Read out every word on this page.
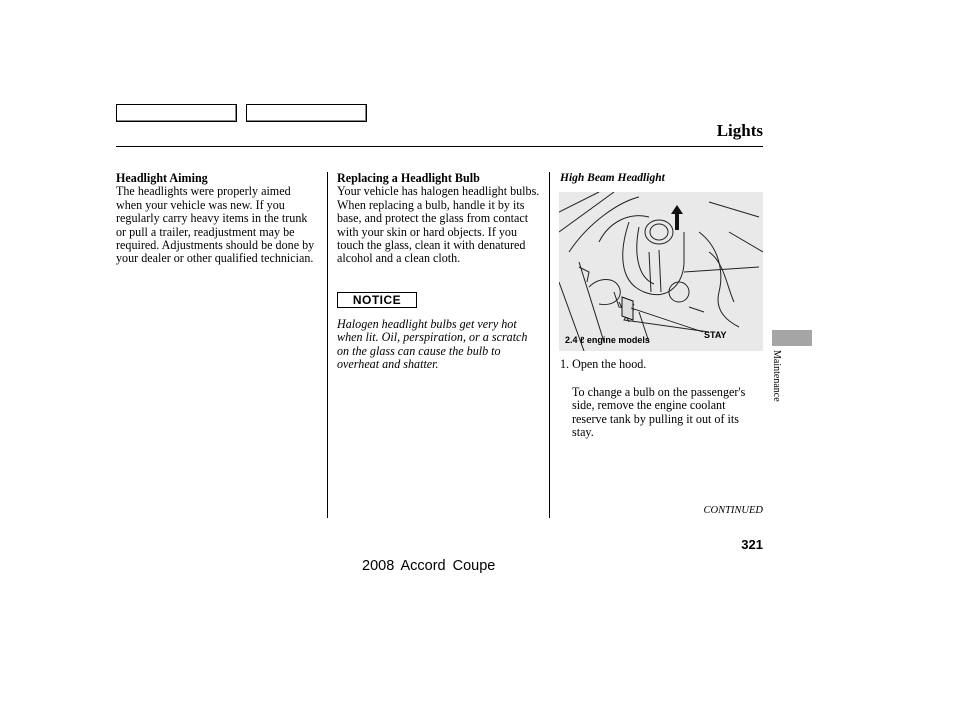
Lights
Headlight Aiming
The headlights were properly aimed when your vehicle was new. If you regularly carry heavy items in the trunk or pull a trailer, readjustment may be required. Adjustments should be done by your dealer or other qualified technician.
Replacing a Headlight Bulb
Your vehicle has halogen headlight bulbs. When replacing a bulb, handle it by its base, and protect the glass from contact with your skin or hard objects. If you touch the glass, clean it with denatured alcohol and a clean cloth.
NOTICE
Halogen headlight bulbs get very hot when lit. Oil, perspiration, or a scratch on the glass can cause the bulb to overheat and shatter.
High Beam Headlight
2.4 ℓ engine models	STAY
1. Open the hood.
To change a bulb on the passenger's side, remove the engine coolant reserve tank by pulling it out of its stay.
Maintenance
CONTINUED
321
2008 Accord Coupe
